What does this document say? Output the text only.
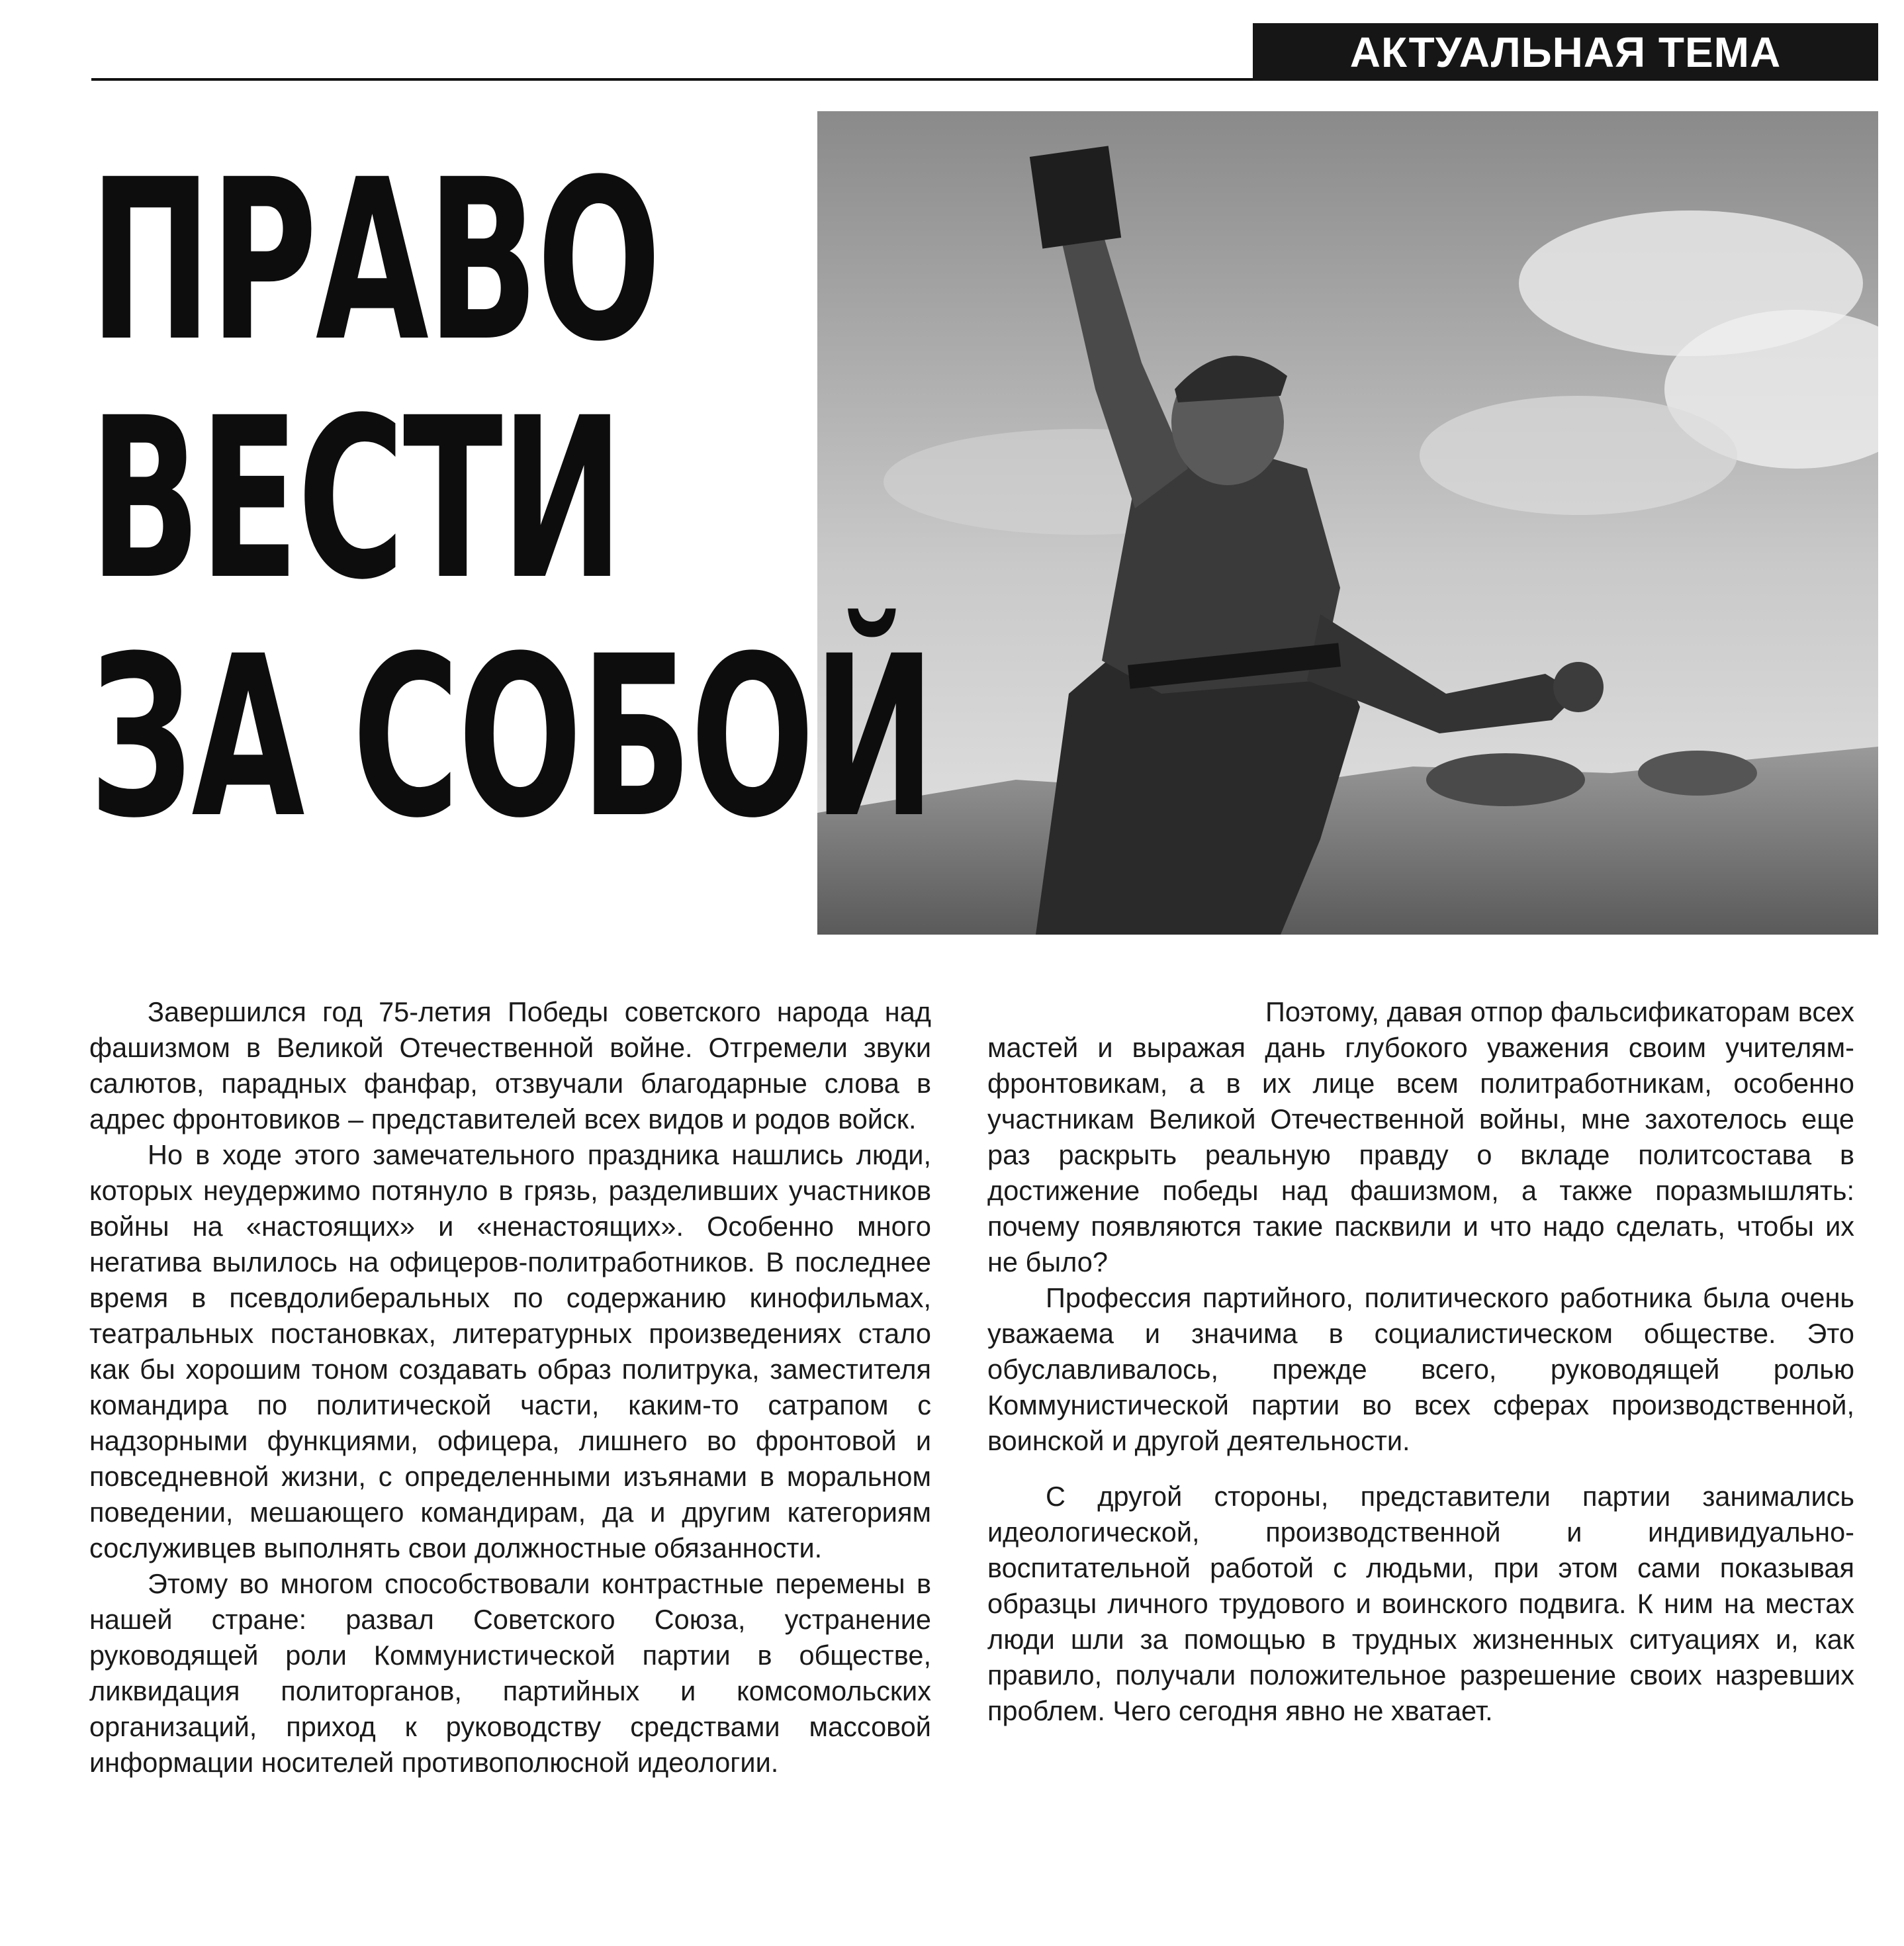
АКТУАЛЬНАЯ ТЕМА
ПРАВО
ВЕСТИ
ЗА СОБОЙ

Завершился год 75-летия Победы советского народа над фашизмом в Великой Отечественной войне. Отгремели звуки салютов, парадных фанфар, отзвучали благодарные слова в адрес фронтовиков – представителей всех видов и родов войск.

Но в ходе этого замечательного праздника нашлись люди, которых неудержимо потянуло в грязь, разделивших участников войны на «настоящих» и «ненастоящих». Особенно много негатива вылилось на офицеров-политработников. В последнее время в псевдолиберальных по содержанию кинофильмах, театральных постановках, литературных произведениях стало как бы хорошим тоном создавать образ политрука, заместителя командира по политической части, каким-то сатрапом с надзорными функциями, офицера, лишнего во фронтовой и повседневной жизни, с определенными изъянами в моральном поведении, мешающего командирам, да и другим категориям сослуживцев выполнять свои должностные обязанности.

Этому во многом способствовали контрастные перемены в нашей стране: развал Советского Союза, устранение руководящей роли Коммунистической партии в обществе, ликвидация политорганов, партийных и комсомольских организаций, приход к руководству средствами массовой информации носителей противополюсной идеологии.

Поэтому, давая отпор фальсификаторам всех мастей и выражая дань глубокого уважения своим учителям-фронтовикам, а в их лице всем политработникам, особенно участникам Великой Отечественной войны, мне захотелось еще раз раскрыть реальную правду о вкладе политсостава в достижение победы над фашизмом, а также поразмышлять: почему появляются такие пасквили и что надо сделать, чтобы их не было?

Профессия партийного, политического работника была очень уважаема и значима в социалистическом обществе. Это обуславливалось, прежде всего, руководящей ролью Коммунистической партии во всех сферах производственной, воинской и другой деятельности.

С другой стороны, представители партии занимались идеологической, производственной и индивидуально-воспитательной работой с людьми, при этом сами показывая образцы личного трудового и воинского подвига. К ним на местах люди шли за помощью в трудных жизненных ситуациях и, как правило, получали положительное разрешение своих назревших проблем. Чего сегодня явно не хватает.
